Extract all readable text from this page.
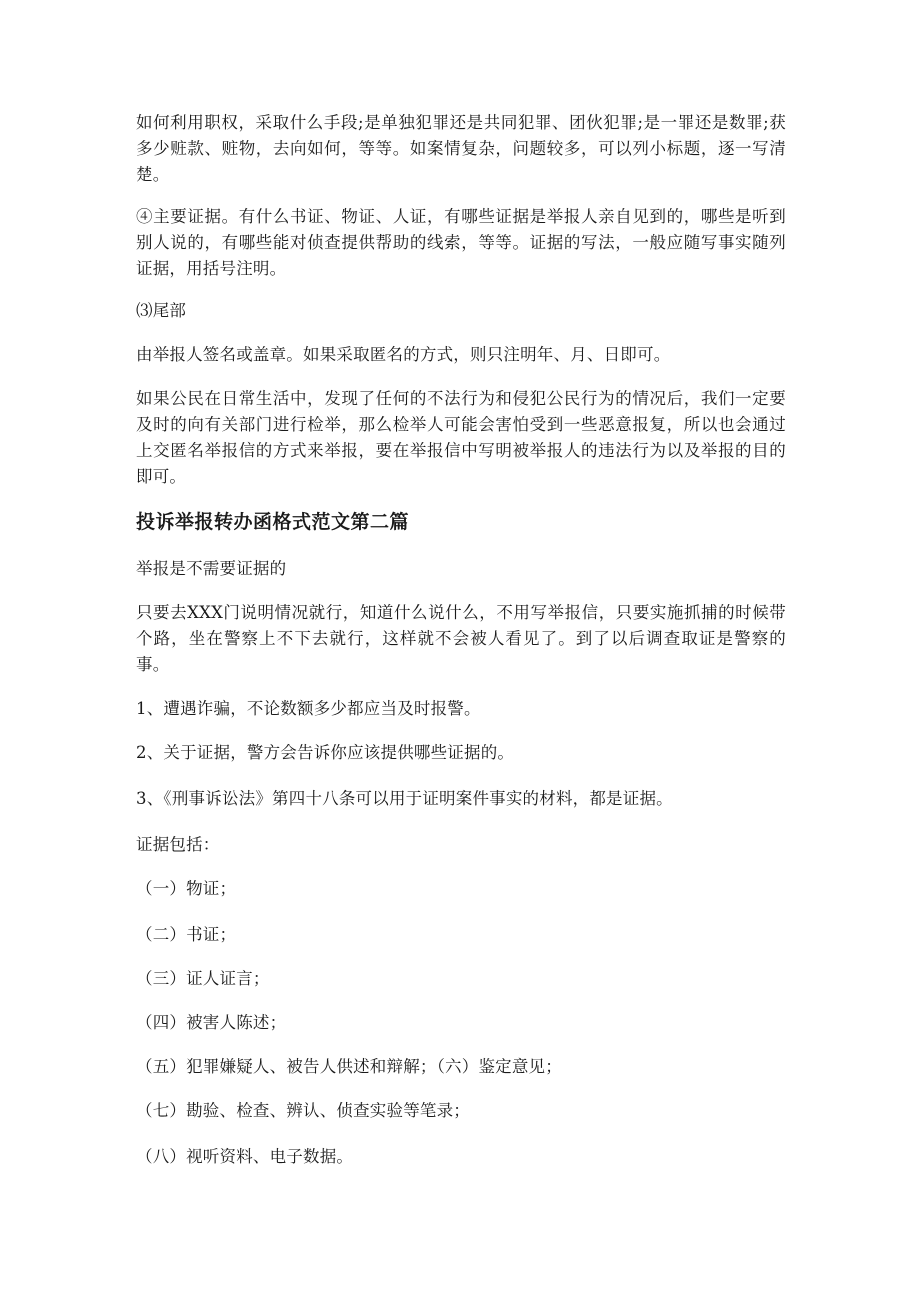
如何利用职权，采取什么手段;是单独犯罪还是共同犯罪、团伙犯罪;是一罪还是数罪;获多少赃款、赃物，去向如何，等等。如案情复杂，问题较多，可以列小标题，逐一写清楚。

④主要证据。有什么书证、物证、人证，有哪些证据是举报人亲自见到的，哪些是听到别人说的，有哪些能对侦查提供帮助的线索，等等。证据的写法，一般应随写事实随列证据，用括号注明。

⑶尾部

由举报人签名或盖章。如果采取匿名的方式，则只注明年、月、日即可。

如果公民在日常生活中，发现了任何的不法行为和侵犯公民行为的情况后，我们一定要及时的向有关部门进行检举，那么检举人可能会害怕受到一些恶意报复，所以也会通过上交匿名举报信的方式来举报，要在举报信中写明被举报人的违法行为以及举报的目的即可。

投诉举报转办函格式范文第二篇

举报是不需要证据的

只要去XXX门说明情况就行，知道什么说什么，不用写举报信，只要实施抓捕的时候带个路，坐在警察上不下去就行，这样就不会被人看见了。到了以后调查取证是警察的事。

1、遭遇诈骗，不论数额多少都应当及时报警。

2、关于证据，警方会告诉你应该提供哪些证据的。

3、《刑事诉讼法》第四十八条可以用于证明案件事实的材料，都是证据。

证据包括：

（一）物证；

（二）书证；

（三）证人证言；

（四）被害人陈述；

（五）犯罪嫌疑人、被告人供述和辩解；（六）鉴定意见；

（七）勘验、检查、辨认、侦查实验等笔录；

（八）视听资料、电子数据。
